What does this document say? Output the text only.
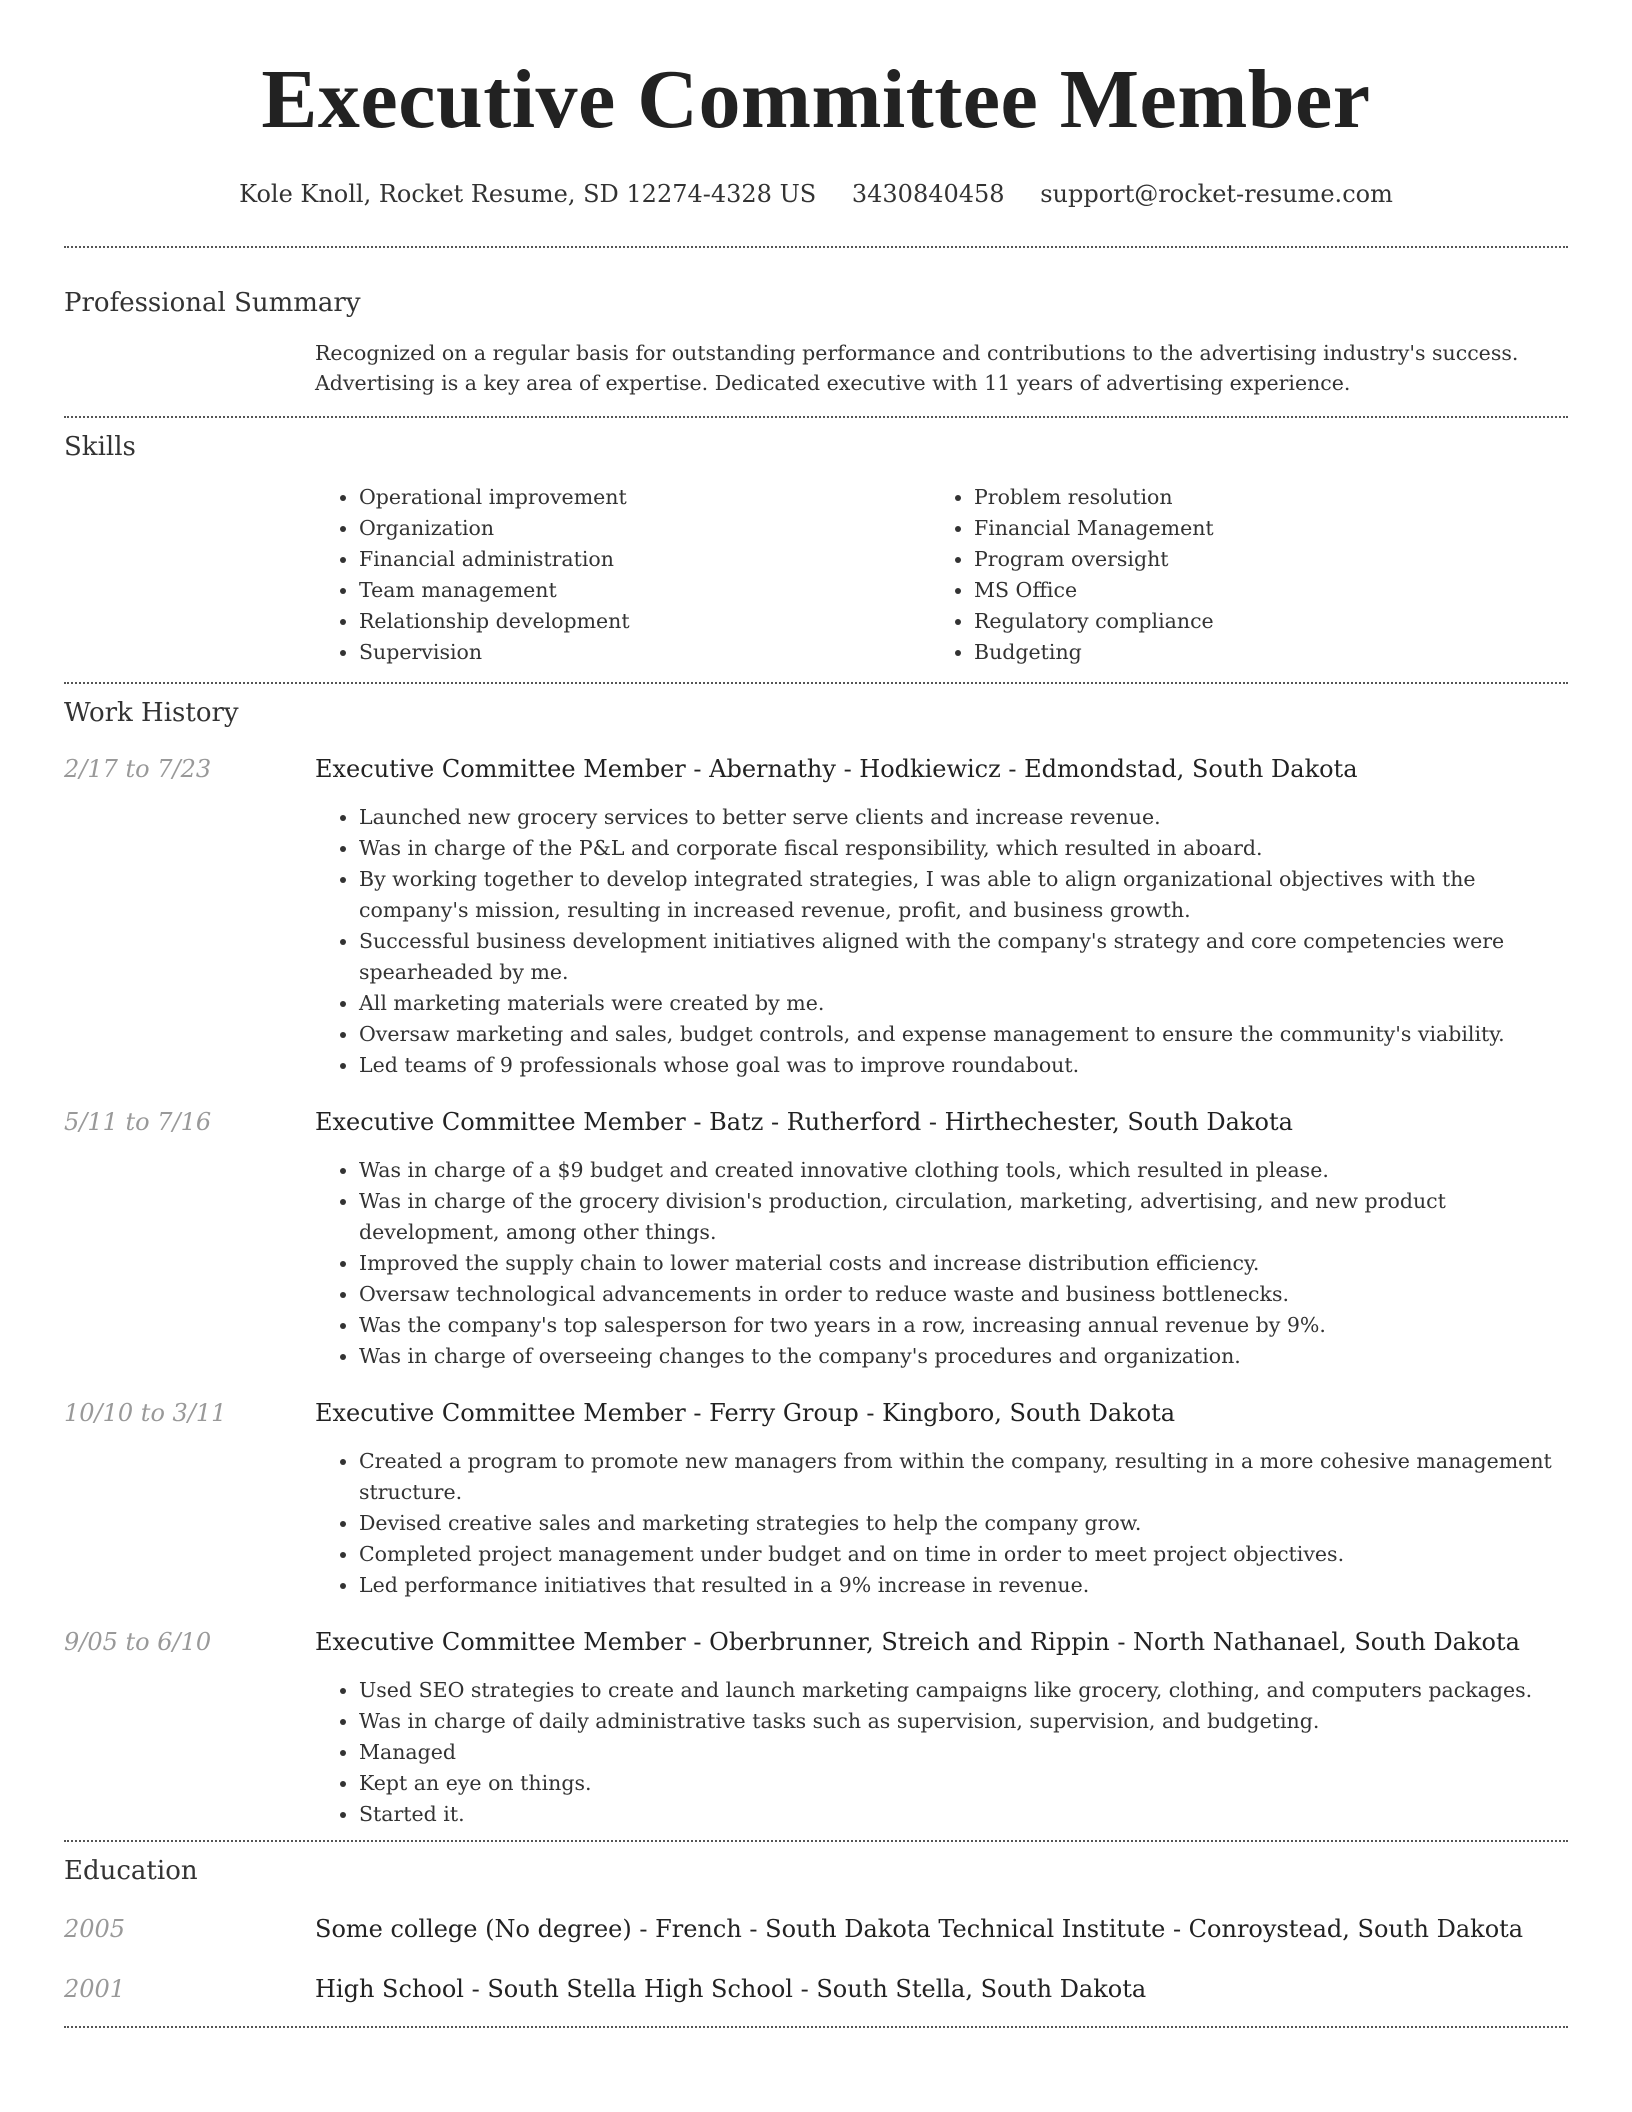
Executive Committee Member
Kole Knoll, Rocket Resume, SD 12274-4328 US 3430840458 support@rocket-resume.com
Professional Summary
Recognized on a regular basis for outstanding performance and contributions to the advertising industry's success. Advertising is a key area of expertise. Dedicated executive with 11 years of advertising experience.
Skills
• Operational improvement
• Organization
• Financial administration
• Team management
• Relationship development
• Supervision
• Problem resolution
• Financial Management
• Program oversight
• MS Office
• Regulatory compliance
• Budgeting
Work History
2/17 to 7/23	Executive Committee Member - Abernathy - Hodkiewicz - Edmondstad, South Dakota
• Launched new grocery services to better serve clients and increase revenue.
• Was in charge of the P&L and corporate fiscal responsibility, which resulted in aboard.
• By working together to develop integrated strategies, I was able to align organizational objectives with the company's mission, resulting in increased revenue, profit, and business growth.
• Successful business development initiatives aligned with the company's strategy and core competencies were spearheaded by me.
• All marketing materials were created by me.
• Oversaw marketing and sales, budget controls, and expense management to ensure the community's viability.
• Led teams of 9 professionals whose goal was to improve roundabout.
5/11 to 7/16	Executive Committee Member - Batz - Rutherford - Hirthechester, South Dakota
• Was in charge of a $9 budget and created innovative clothing tools, which resulted in please.
• Was in charge of the grocery division's production, circulation, marketing, advertising, and new product development, among other things.
• Improved the supply chain to lower material costs and increase distribution efficiency.
• Oversaw technological advancements in order to reduce waste and business bottlenecks.
• Was the company's top salesperson for two years in a row, increasing annual revenue by 9%.
• Was in charge of overseeing changes to the company's procedures and organization.
10/10 to 3/11	Executive Committee Member - Ferry Group - Kingboro, South Dakota
• Created a program to promote new managers from within the company, resulting in a more cohesive management structure.
• Devised creative sales and marketing strategies to help the company grow.
• Completed project management under budget and on time in order to meet project objectives.
• Led performance initiatives that resulted in a 9% increase in revenue.
9/05 to 6/10	Executive Committee Member - Oberbrunner, Streich and Rippin - North Nathanael, South Dakota
• Used SEO strategies to create and launch marketing campaigns like grocery, clothing, and computers packages.
• Was in charge of daily administrative tasks such as supervision, supervision, and budgeting.
• Managed
• Kept an eye on things.
• Started it.
Education
2005	Some college (No degree) - French - South Dakota Technical Institute - Conroystead, South Dakota
2001	High School - South Stella High School - South Stella, South Dakota
